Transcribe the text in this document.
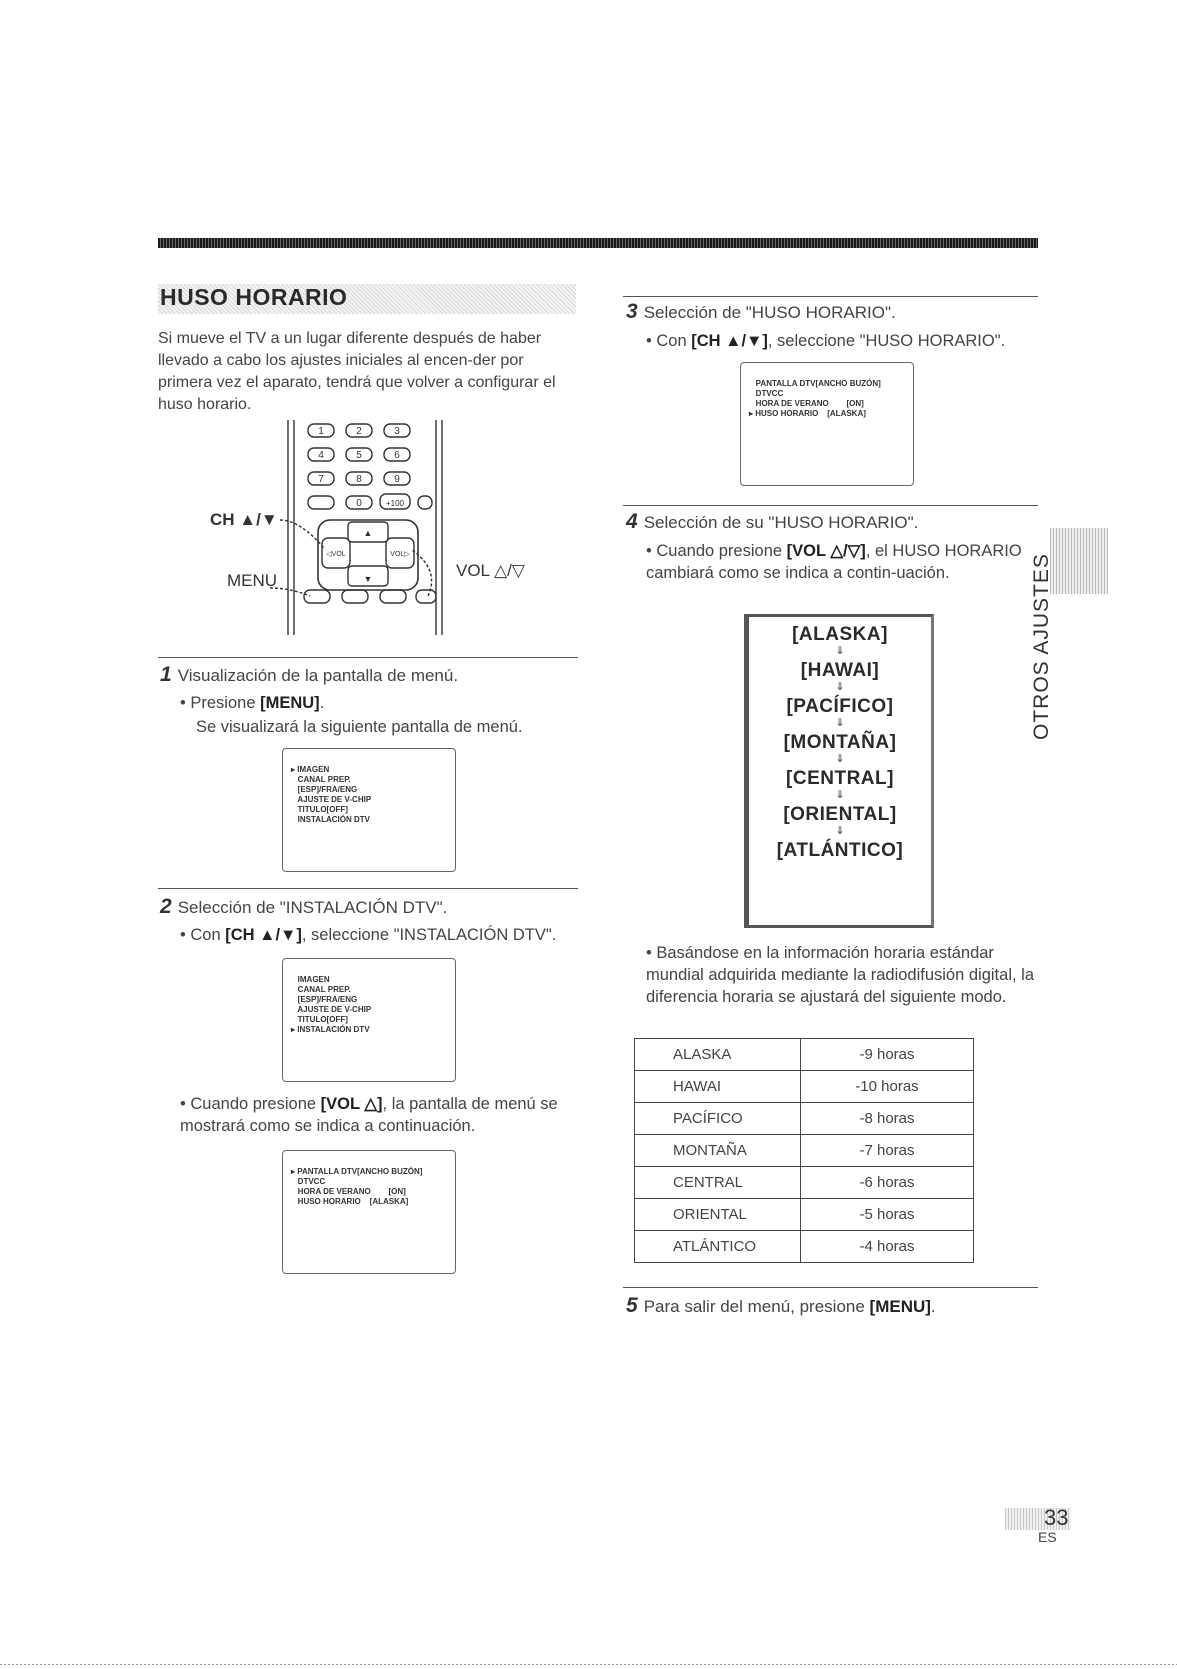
HUSO HORARIO
Si mueve el TV a un lugar diferente después de haber llevado a cabo los ajustes iniciales al encen-der por primera vez el aparato, tendrá que volver a configurar el huso horario.
1	2	3
4	5	6
7	8	9
0	+100
▲
▼
◁VOL	VOL▷
CH ▲/▼
MENU
VOL △/▽
1 Visualización de la pantalla de menú.
• Presione [MENU].
Se visualizará la siguiente pantalla de menú.
▸ IMAGEN
CANAL PREP.
[ESP]/FRA/ENG
AJUSTE DE V-CHIP
TITULO[OFF]
INSTALACIÓN DTV
2 Selección de "INSTALACIÓN DTV".
• Con [CH ▲/▼], seleccione "INSTALACIÓN DTV".
IMAGEN
CANAL PREP.
[ESP]/FRA/ENG
AJUSTE DE V-CHIP
TITULO[OFF]
▸ INSTALACIÓN DTV
• Cuando presione [VOL △], la pantalla de menú se mostrará como se indica a continuación.
▸ PANTALLA DTV[ANCHO BUZÓN]
DTVCC
HORA DE VERANO        [ON]
HUSO HORARIO    [ALASKA]
3 Selección de "HUSO HORARIO".
• Con [CH ▲/▼], seleccione "HUSO HORARIO".
PANTALLA DTV[ANCHO BUZÓN]
DTVCC
HORA DE VERANO        [ON]
▸ HUSO HORARIO    [ALASKA]
4 Selección de su "HUSO HORARIO".
• Cuando presione [VOL △/▽], el HUSO HORARIO cambiará como se indica a contin-uación.
[ALASKA]
⇓
[HAWAI]
⇓
[PACÍFICO]
⇓
[MONTAÑA]
⇓
[CENTRAL]
⇓
[ORIENTAL]
⇓
[ATLÁNTICO]
• Basándose en la información horaria estándar mundial adquirida mediante la radiodifusión digital, la diferencia horaria se ajustará del siguiente modo.
ALASKA	-9 horas
HAWAI	-10 horas
PACÍFICO	-8 horas
MONTAÑA	-7 horas
CENTRAL	-6 horas
ORIENTAL	-5 horas
ATLÁNTICO	-4 horas
5 Para salir del menú, presione [MENU].
OTROS AJUSTES
33
ES
